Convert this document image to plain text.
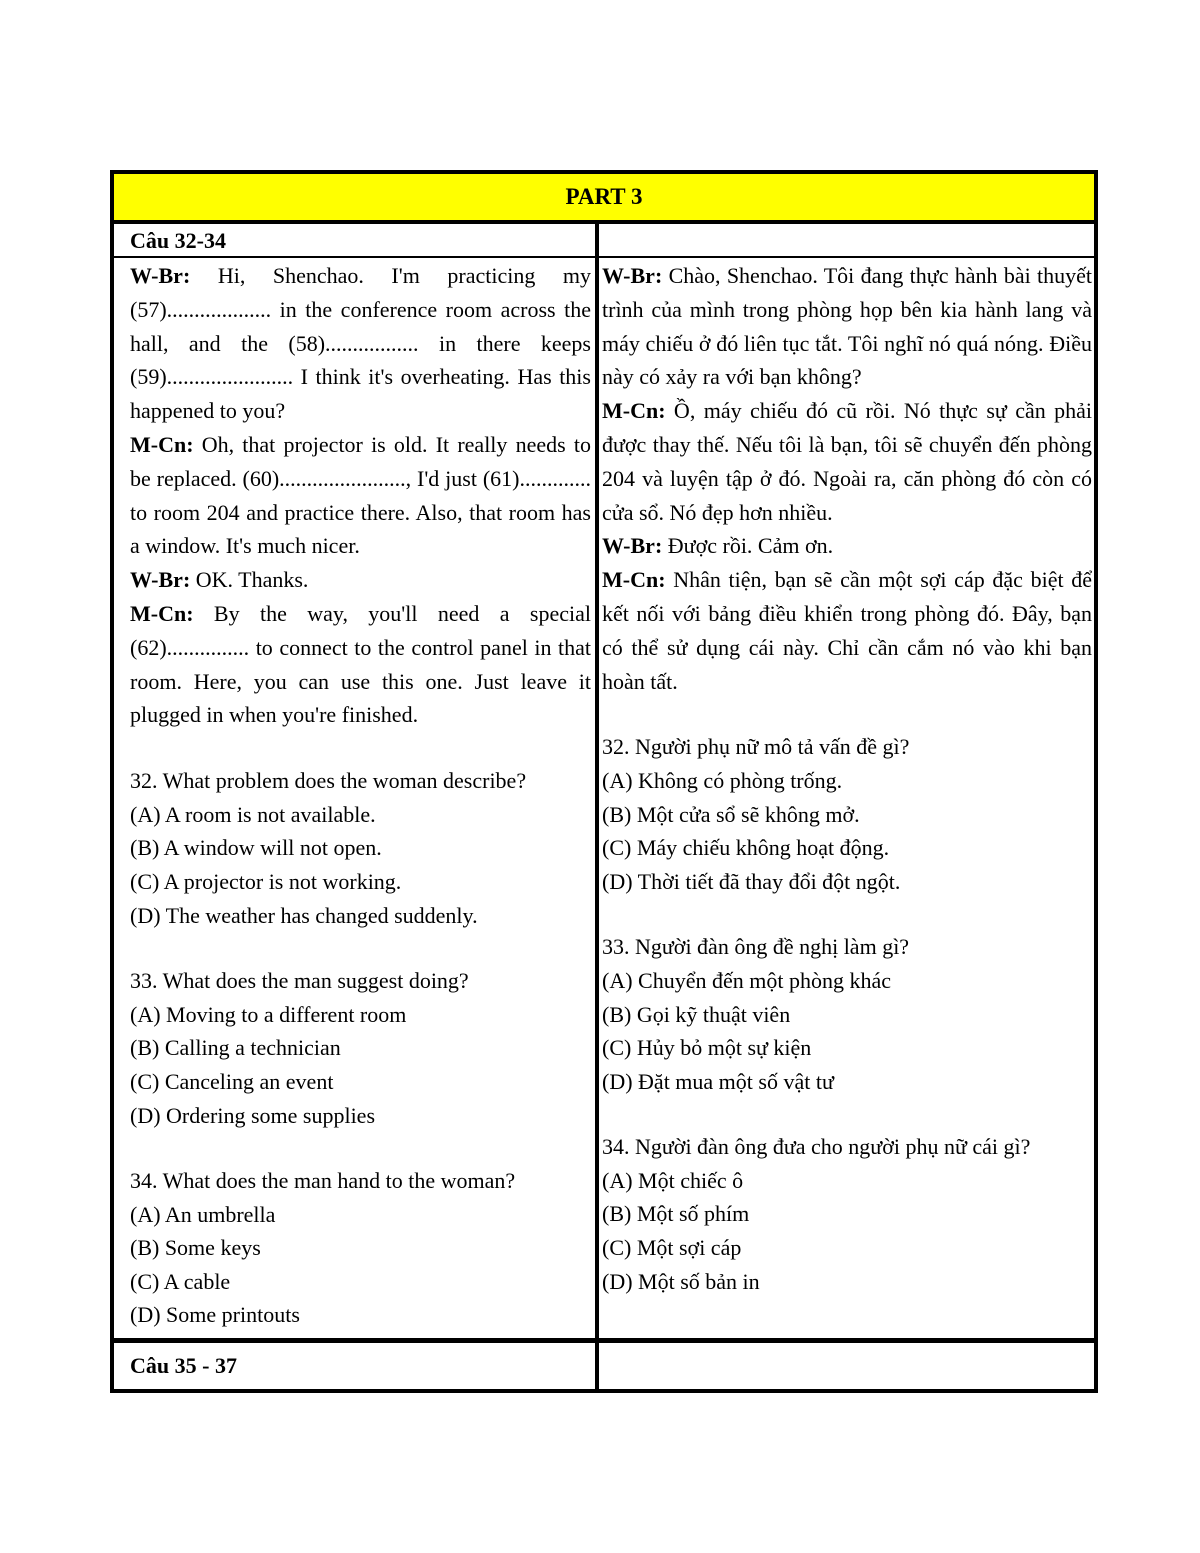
PART 3
Câu 32-34

W-Br: Hi, Shenchao. I'm practicing my (57)................... in the conference room across the hall, and the (58)................. in there keeps (59)....................... I think it's overheating. Has this happened to you?

M-Cn: Oh, that projector is old. It really needs to be replaced. (60)......................., I'd just (61)............. to room 204 and practice there. Also, that room has a window. It's much nicer.

W-Br: OK. Thanks.

M-Cn: By the way, you'll need a special (62)............... to connect to the control panel in that room. Here, you can use this one. Just leave it plugged in when you're finished.

32. What problem does the woman describe?

(A) A room is not available.

(B) A window will not open.

(C) A projector is not working.

(D) The weather has changed suddenly.

33. What does the man suggest doing?

(A) Moving to a different room

(B) Calling a technician

(C) Canceling an event

(D) Ordering some supplies

34. What does the man hand to the woman?

(A) An umbrella

(B) Some keys

(C) A cable

(D) Some printouts

W-Br: Chào, Shenchao. Tôi đang thực hành bài thuyết trình của mình trong phòng họp bên kia hành lang và máy chiếu ở đó liên tục tắt. Tôi nghĩ nó quá nóng. Điều này có xảy ra với bạn không?

M-Cn: Ồ, máy chiếu đó cũ rồi. Nó thực sự cần phải được thay thế. Nếu tôi là bạn, tôi sẽ chuyển đến phòng 204 và luyện tập ở đó. Ngoài ra, căn phòng đó còn có cửa sổ. Nó đẹp hơn nhiều.

W-Br: Được rồi. Cảm ơn.

M-Cn: Nhân tiện, bạn sẽ cần một sợi cáp đặc biệt để kết nối với bảng điều khiển trong phòng đó. Đây, bạn có thể sử dụng cái này. Chỉ cần cắm nó vào khi bạn hoàn tất.

32. Người phụ nữ mô tả vấn đề gì?

(A) Không có phòng trống.

(B) Một cửa sổ sẽ không mở.

(C) Máy chiếu không hoạt động.

(D) Thời tiết đã thay đổi đột ngột.

33. Người đàn ông đề nghị làm gì?

(A) Chuyển đến một phòng khác

(B) Gọi kỹ thuật viên

(C) Hủy bỏ một sự kiện

(D) Đặt mua một số vật tư

34. Người đàn ông đưa cho người phụ nữ cái gì?

(A) Một chiếc ô

(B) Một số phím

(C) Một sợi cáp

(D) Một số bản in

Câu 35 - 37
